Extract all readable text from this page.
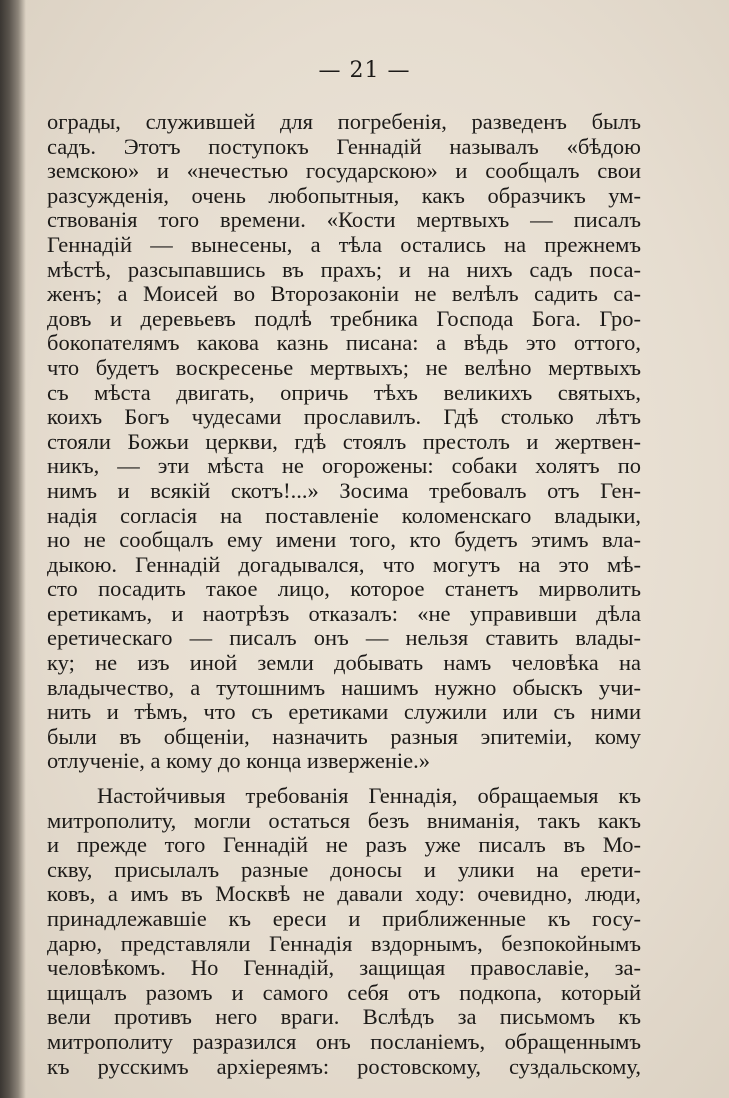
— 21 —
ограды, служившей для погребенія, разведенъ былъ
садъ. Этотъ поступокъ Геннадій называлъ «бѣдою
земскою» и «нечестью государскою» и сообщалъ свои
разсужденія, очень любопытныя, какъ образчикъ ум-
ствованія того времени. «Кости мертвыхъ — писалъ
Геннадій — вынесены, а тѣла остались на прежнемъ
мѣстѣ, разсыпавшись въ прахъ; и на нихъ садъ поса-
женъ; а Моисей во Второзаконіи не велѣлъ садить са-
довъ и деревьевъ подлѣ требника Господа Бога. Гро-
бокопателямъ какова казнь писана: а вѣдь это оттого,
что будетъ воскресенье мертвыхъ; не велѣно мертвыхъ
съ мѣста двигать, опричь тѣхъ великихъ святыхъ,
коихъ Богъ чудесами прославилъ. Гдѣ столько лѣтъ
стояли Божьи церкви, гдѣ стоялъ престолъ и жертвен-
никъ, — эти мѣста не огорожены: собаки холятъ по
нимъ и всякій скотъ!...» Зосима требовалъ отъ Ген-
надія согласія на поставленіе коломенскаго владыки,
но не сообщалъ ему имени того, кто будетъ этимъ вла-
дыкою. Геннадій догадывался, что могутъ на это мѣ-
сто посадить такое лицо, которое станетъ мирволить
еретикамъ, и наотрѣзъ отказалъ: «не управивши дѣла
еретическаго — писалъ онъ — нельзя ставить влады-
ку; не изъ иной земли добывать намъ человѣка на
владычество, а тутошнимъ нашимъ нужно обыскъ учи-
нить и тѣмъ, что съ еретиками служили или съ ними
были въ общеніи, назначить разныя эпитеміи, кому
отлученіе, а кому до конца изверженіе.»
Настойчивыя требованія Геннадія, обращаемыя къ
митрополиту, могли остаться безъ вниманія, такъ какъ
и прежде того Геннадій не разъ уже писалъ въ Мо-
скву, присылалъ разные доносы и улики на ерети-
ковъ, а имъ въ Москвѣ не давали ходу: очевидно, люди,
принадлежавшіе къ ереси и приближенные къ госу-
дарю, представляли Геннадія вздорнымъ, безпокойнымъ
человѣкомъ. Но Геннадій, защищая православіе, за-
щищалъ разомъ и самого себя отъ подкопа, который
вели противъ него враги. Вслѣдъ за письмомъ къ
митрополиту разразился онъ посланіемъ, обращеннымъ
къ русскимъ архіереямъ: ростовскому, суздальскому,
